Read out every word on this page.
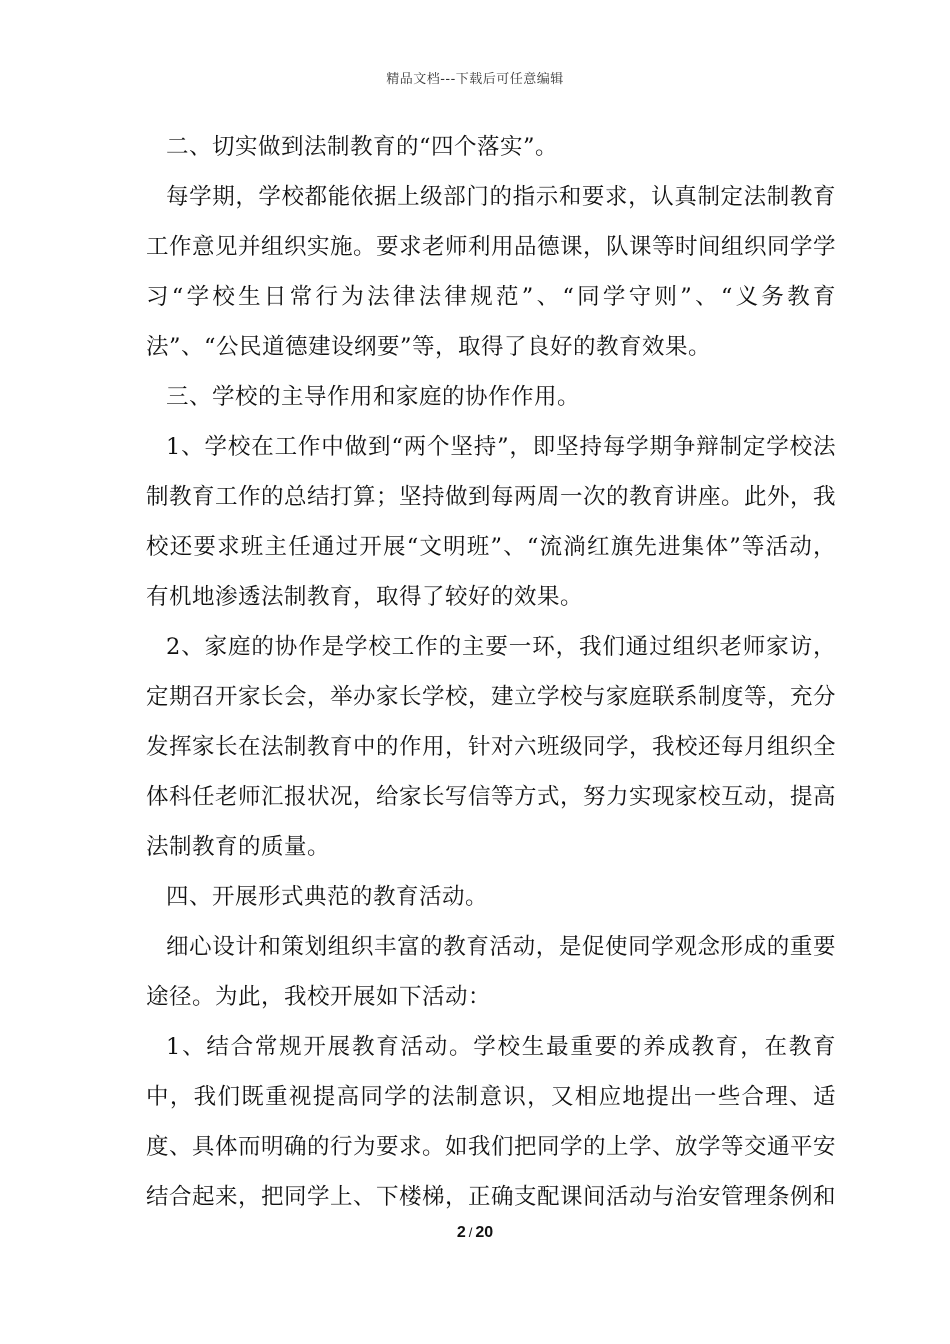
精品文档---下载后可任意编辑

二、切实做到法制教育的“四个落实”。

每学期，学校都能依据上级部门的指示和要求，认真制定法制教育工作意见并组织实施。要求老师利用品德课，队课等时间组织同学学习“学校生日常行为法律法律规范”、“同学守则”、“义务教育法”、“公民道德建设纲要”等，取得了良好的教育效果。

三、学校的主导作用和家庭的协作作用。

1、学校在工作中做到“两个坚持”，即坚持每学期争辩制定学校法制教育工作的总结打算；坚持做到每两周一次的教育讲座。此外，我校还要求班主任通过开展“文明班”、“流淌红旗先进集体”等活动，有机地渗透法制教育，取得了较好的效果。

2、家庭的协作是学校工作的主要一环，我们通过组织老师家访，定期召开家长会，举办家长学校，建立学校与家庭联系制度等，充分发挥家长在法制教育中的作用，针对六班级同学，我校还每月组织全体科任老师汇报状况，给家长写信等方式，努力实现家校互动，提高法制教育的质量。

四、开展形式典范的教育活动。

细心设计和策划组织丰富的教育活动，是促使同学观念形成的重要途径。为此，我校开展如下活动：

1、结合常规开展教育活动。学校生最重要的养成教育，在教育中，我们既重视提高同学的法制意识，又相应地提出一些合理、适度、具体而明确的行为要求。如我们把同学的上学、放学等交通平安结合起来，把同学上、下楼梯，正确支配课间活动与治安管理条例和

2 / 20
